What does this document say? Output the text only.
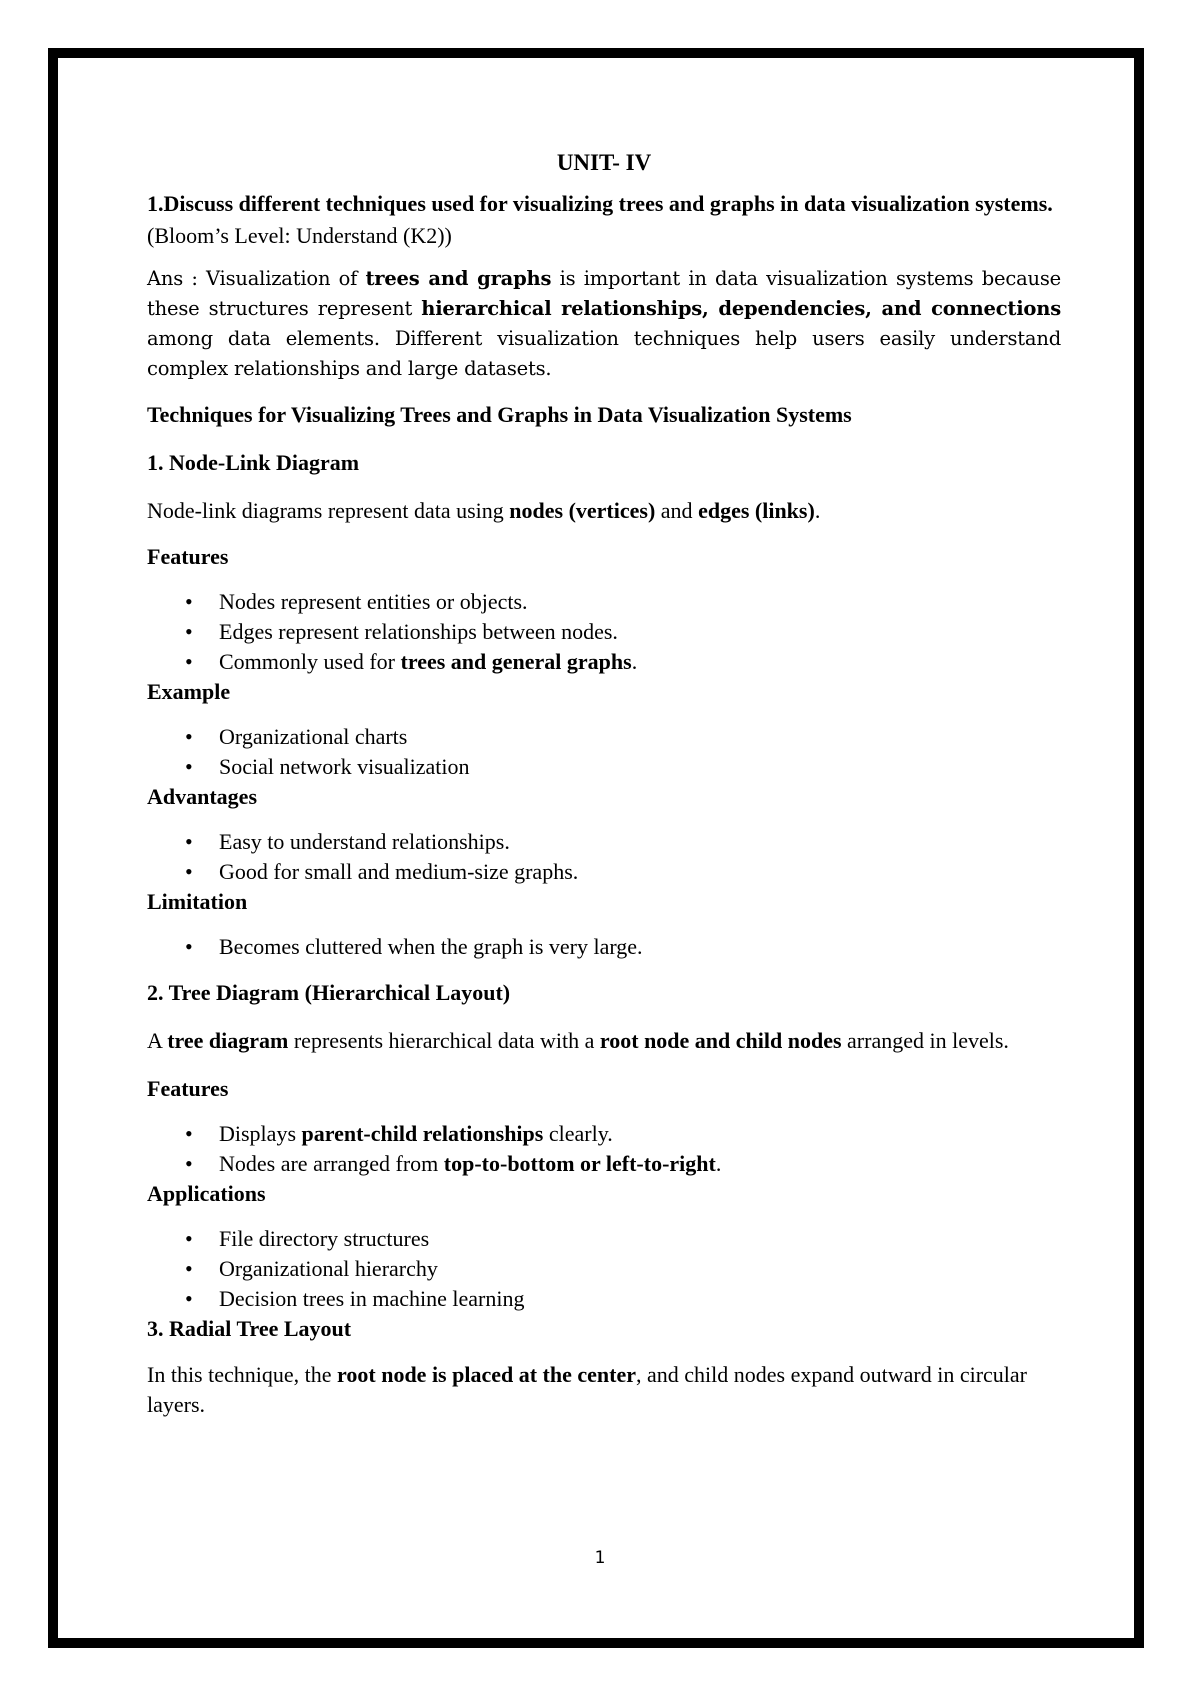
UNIT- IV
1.Discuss different techniques used for visualizing trees and graphs in data visualization systems. (Bloom’s Level: Understand (K2))
Ans : Visualization of trees and graphs is important in data visualization systems because these structures represent hierarchical relationships, dependencies, and connections among data elements. Different visualization techniques help users easily understand complex relationships and large datasets.
Techniques for Visualizing Trees and Graphs in Data Visualization Systems
1. Node-Link Diagram
Node-link diagrams represent data using nodes (vertices) and edges (links).
Features
• Nodes represent entities or objects.
• Edges represent relationships between nodes.
• Commonly used for trees and general graphs.
Example
• Organizational charts
• Social network visualization
Advantages
• Easy to understand relationships.
• Good for small and medium-size graphs.
Limitation
• Becomes cluttered when the graph is very large.
2. Tree Diagram (Hierarchical Layout)
A tree diagram represents hierarchical data with a root node and child nodes arranged in levels.
Features
• Displays parent-child relationships clearly.
• Nodes are arranged from top-to-bottom or left-to-right.
Applications
• File directory structures
• Organizational hierarchy
• Decision trees in machine learning
3. Radial Tree Layout
In this technique, the root node is placed at the center, and child nodes expand outward in circular layers.
1
